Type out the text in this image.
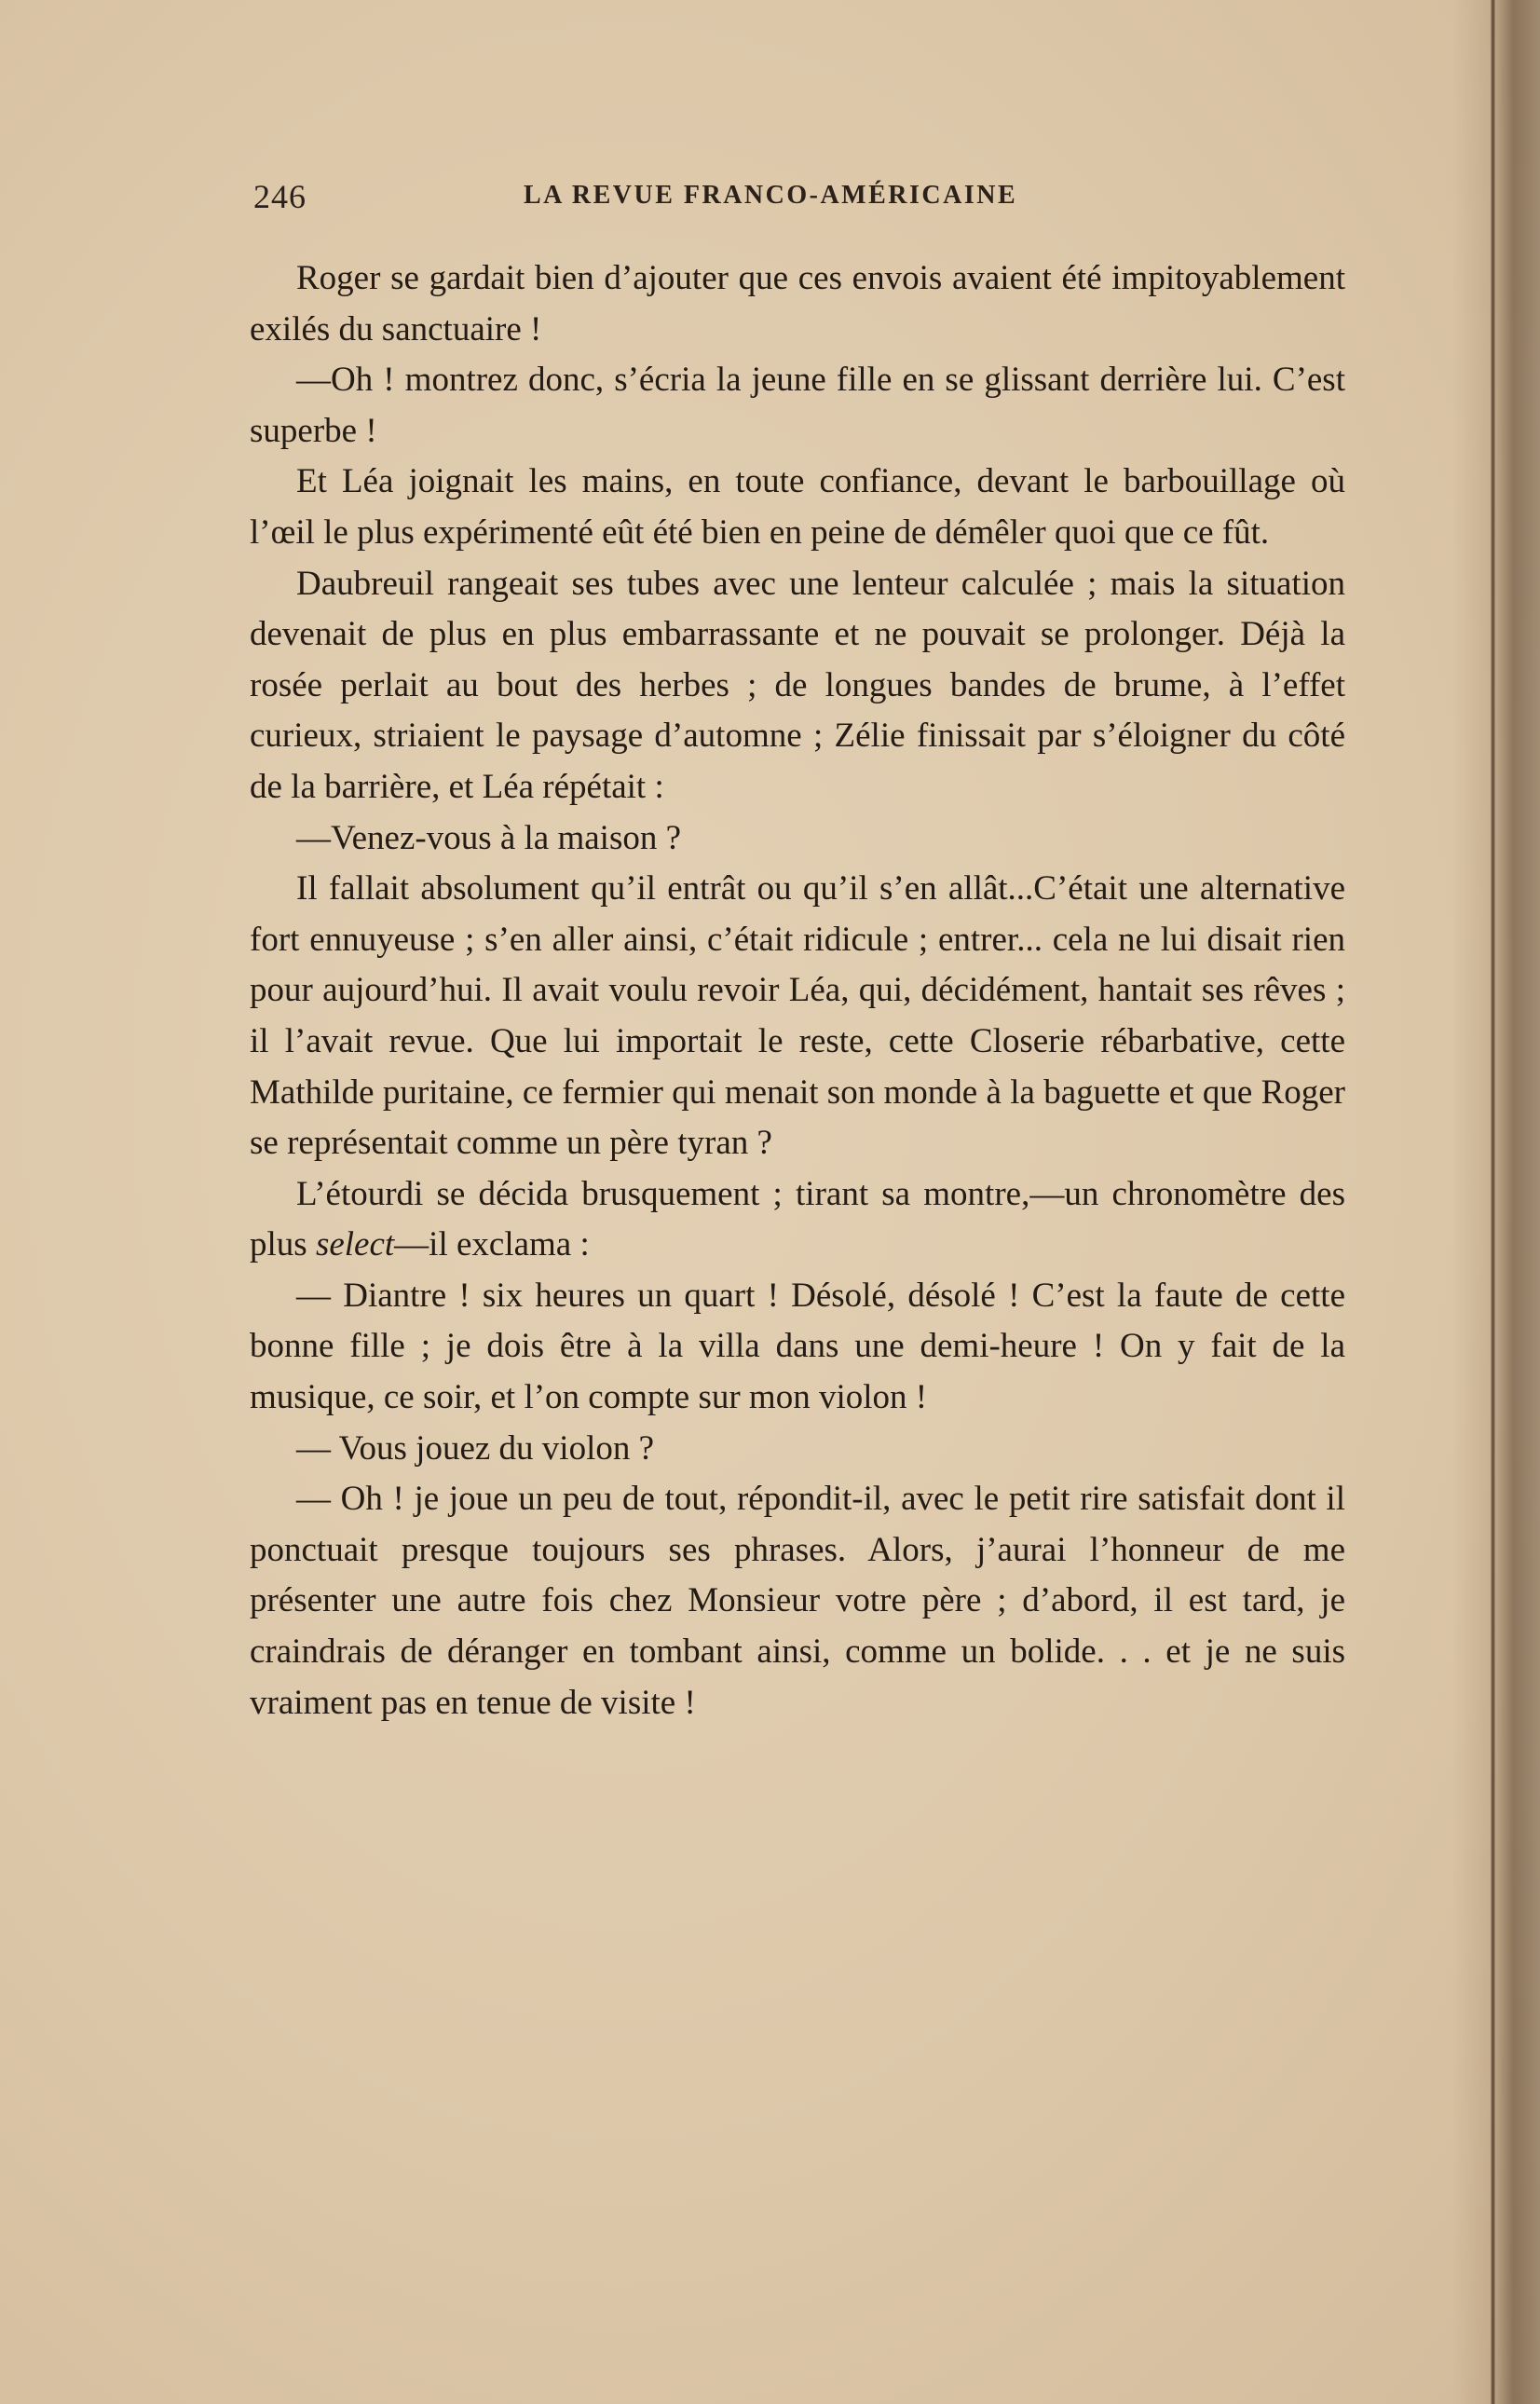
246	LA REVUE FRANCO-AMÉRICAINE

Roger se gardait bien d’ajouter que ces envois avaient été impitoyablement exilés du sanctuaire !

—Oh ! montrez donc, s’écria la jeune fille en se glissant derrière lui. C’est superbe !

Et Léa joignait les mains, en toute confiance, devant le barbouillage où l’œil le plus expérimenté eût été bien en peine de démêler quoi que ce fût.

Daubreuil rangeait ses tubes avec une lenteur calculée ; mais la situation devenait de plus en plus embarrassante et ne pouvait se prolonger. Déjà la rosée perlait au bout des herbes ; de longues bandes de brume, à l’effet curieux, striaient le paysage d’automne ; Zélie finissait par s’éloigner du côté de la barrière, et Léa répétait :

—Venez-vous à la maison ?

Il fallait absolument qu’il entrât ou qu’il s’en allât...C’était une alternative fort ennuyeuse ; s’en aller ainsi, c’était ridicule ; entrer... cela ne lui disait rien pour aujourd’hui. Il avait voulu revoir Léa, qui, décidément, hantait ses rêves ; il l’avait revue. Que lui importait le reste, cette Closerie rébarbative, cette Mathilde puritaine, ce fermier qui menait son monde à la baguette et que Roger se représentait comme un père tyran ?

L’étourdi se décida brusquement ; tirant sa montre,—un chronomètre des plus select—il exclama :

— Diantre ! six heures un quart ! Désolé, désolé ! C’est la faute de cette bonne fille ; je dois être à la villa dans une demi-heure ! On y fait de la musique, ce soir, et l’on compte sur mon violon !

— Vous jouez du violon ?

— Oh ! je joue un peu de tout, répondit-il, avec le petit rire satisfait dont il ponctuait presque toujours ses phrases. Alors, j’aurai l’honneur de me présenter une autre fois chez Monsieur votre père ; d’abord, il est tard, je craindrais de déranger en tombant ainsi, comme un bolide. . . et je ne suis vraiment pas en tenue de visite !
